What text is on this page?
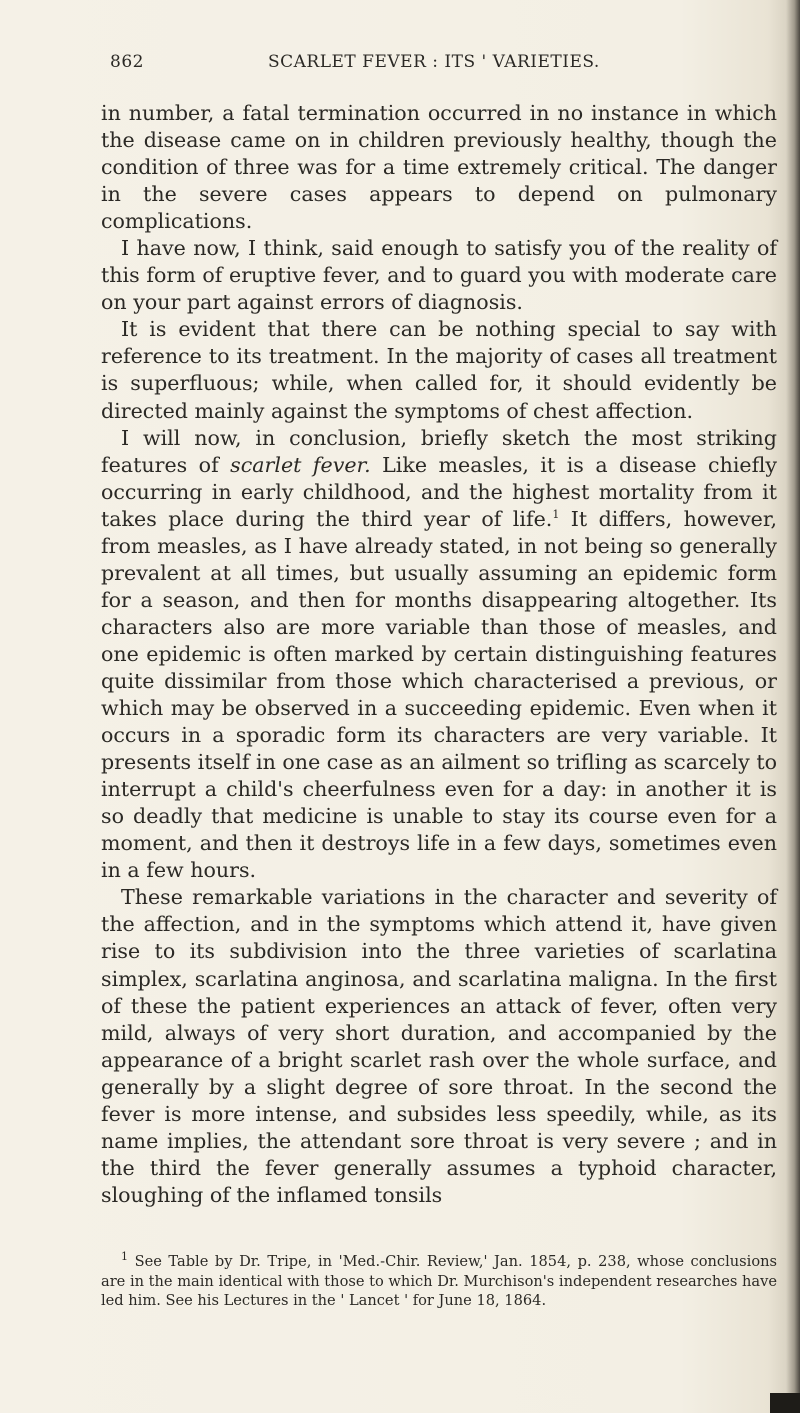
862	SCARLET FEVER : ITS ' VARIETIES.

in number, a fatal termination occurred in no instance in which the disease came on in children previously healthy, though the condition of three was for a time extremely critical. The danger in the severe cases appears to depend on pulmonary complications.

I have now, I think, said enough to satisfy you of the reality of this form of eruptive fever, and to guard you with moderate care on your part against errors of diagnosis.

It is evident that there can be nothing special to say with reference to its treatment. In the majority of cases all treatment is superfluous; while, when called for, it should evidently be directed mainly against the symptoms of chest affection.

I will now, in conclusion, briefly sketch the most striking features of scarlet fever. Like measles, it is a disease chiefly occurring in early childhood, and the highest mortality from it takes place during the third year of life.$^1$ It differs, however, from measles, as I have already stated, in not being so generally prevalent at all times, but usually assuming an epidemic form for a season, and then for months disappearing altogether. Its characters also are more variable than those of measles, and one epidemic is often marked by certain distinguishing features quite dissimilar from those which characterised a previous, or which may be observed in a succeeding epidemic. Even when it occurs in a sporadic form its characters are very variable. It presents itself in one case as an ailment so trifling as scarcely to interrupt a child's cheerfulness even for a day: in another it is so deadly that medicine is unable to stay its course even for a moment, and then it destroys life in a few days, sometimes even in a few hours.

These remarkable variations in the character and severity of the affection, and in the symptoms which attend it, have given rise to its subdivision into the three varieties of scarlatina simplex, scarlatina anginosa, and scarlatina maligna. In the first of these the patient experiences an attack of fever, often very mild, always of very short duration, and accompanied by the appearance of a bright scarlet rash over the whole surface, and generally by a slight degree of sore throat. In the second the fever is more intense, and subsides less speedily, while, as its name implies, the attendant sore throat is very severe ; and in the third the fever generally assumes a typhoid character, sloughing of the inflamed tonsils

$^1$ See Table by Dr. Tripe, in 'Med.-Chir. Review,' Jan. 1854, p. 238, whose conclusions are in the main identical with those to which Dr. Murchison's independent researches have led him. See his Lectures in the ' Lancet ' for June 18, 1864.
